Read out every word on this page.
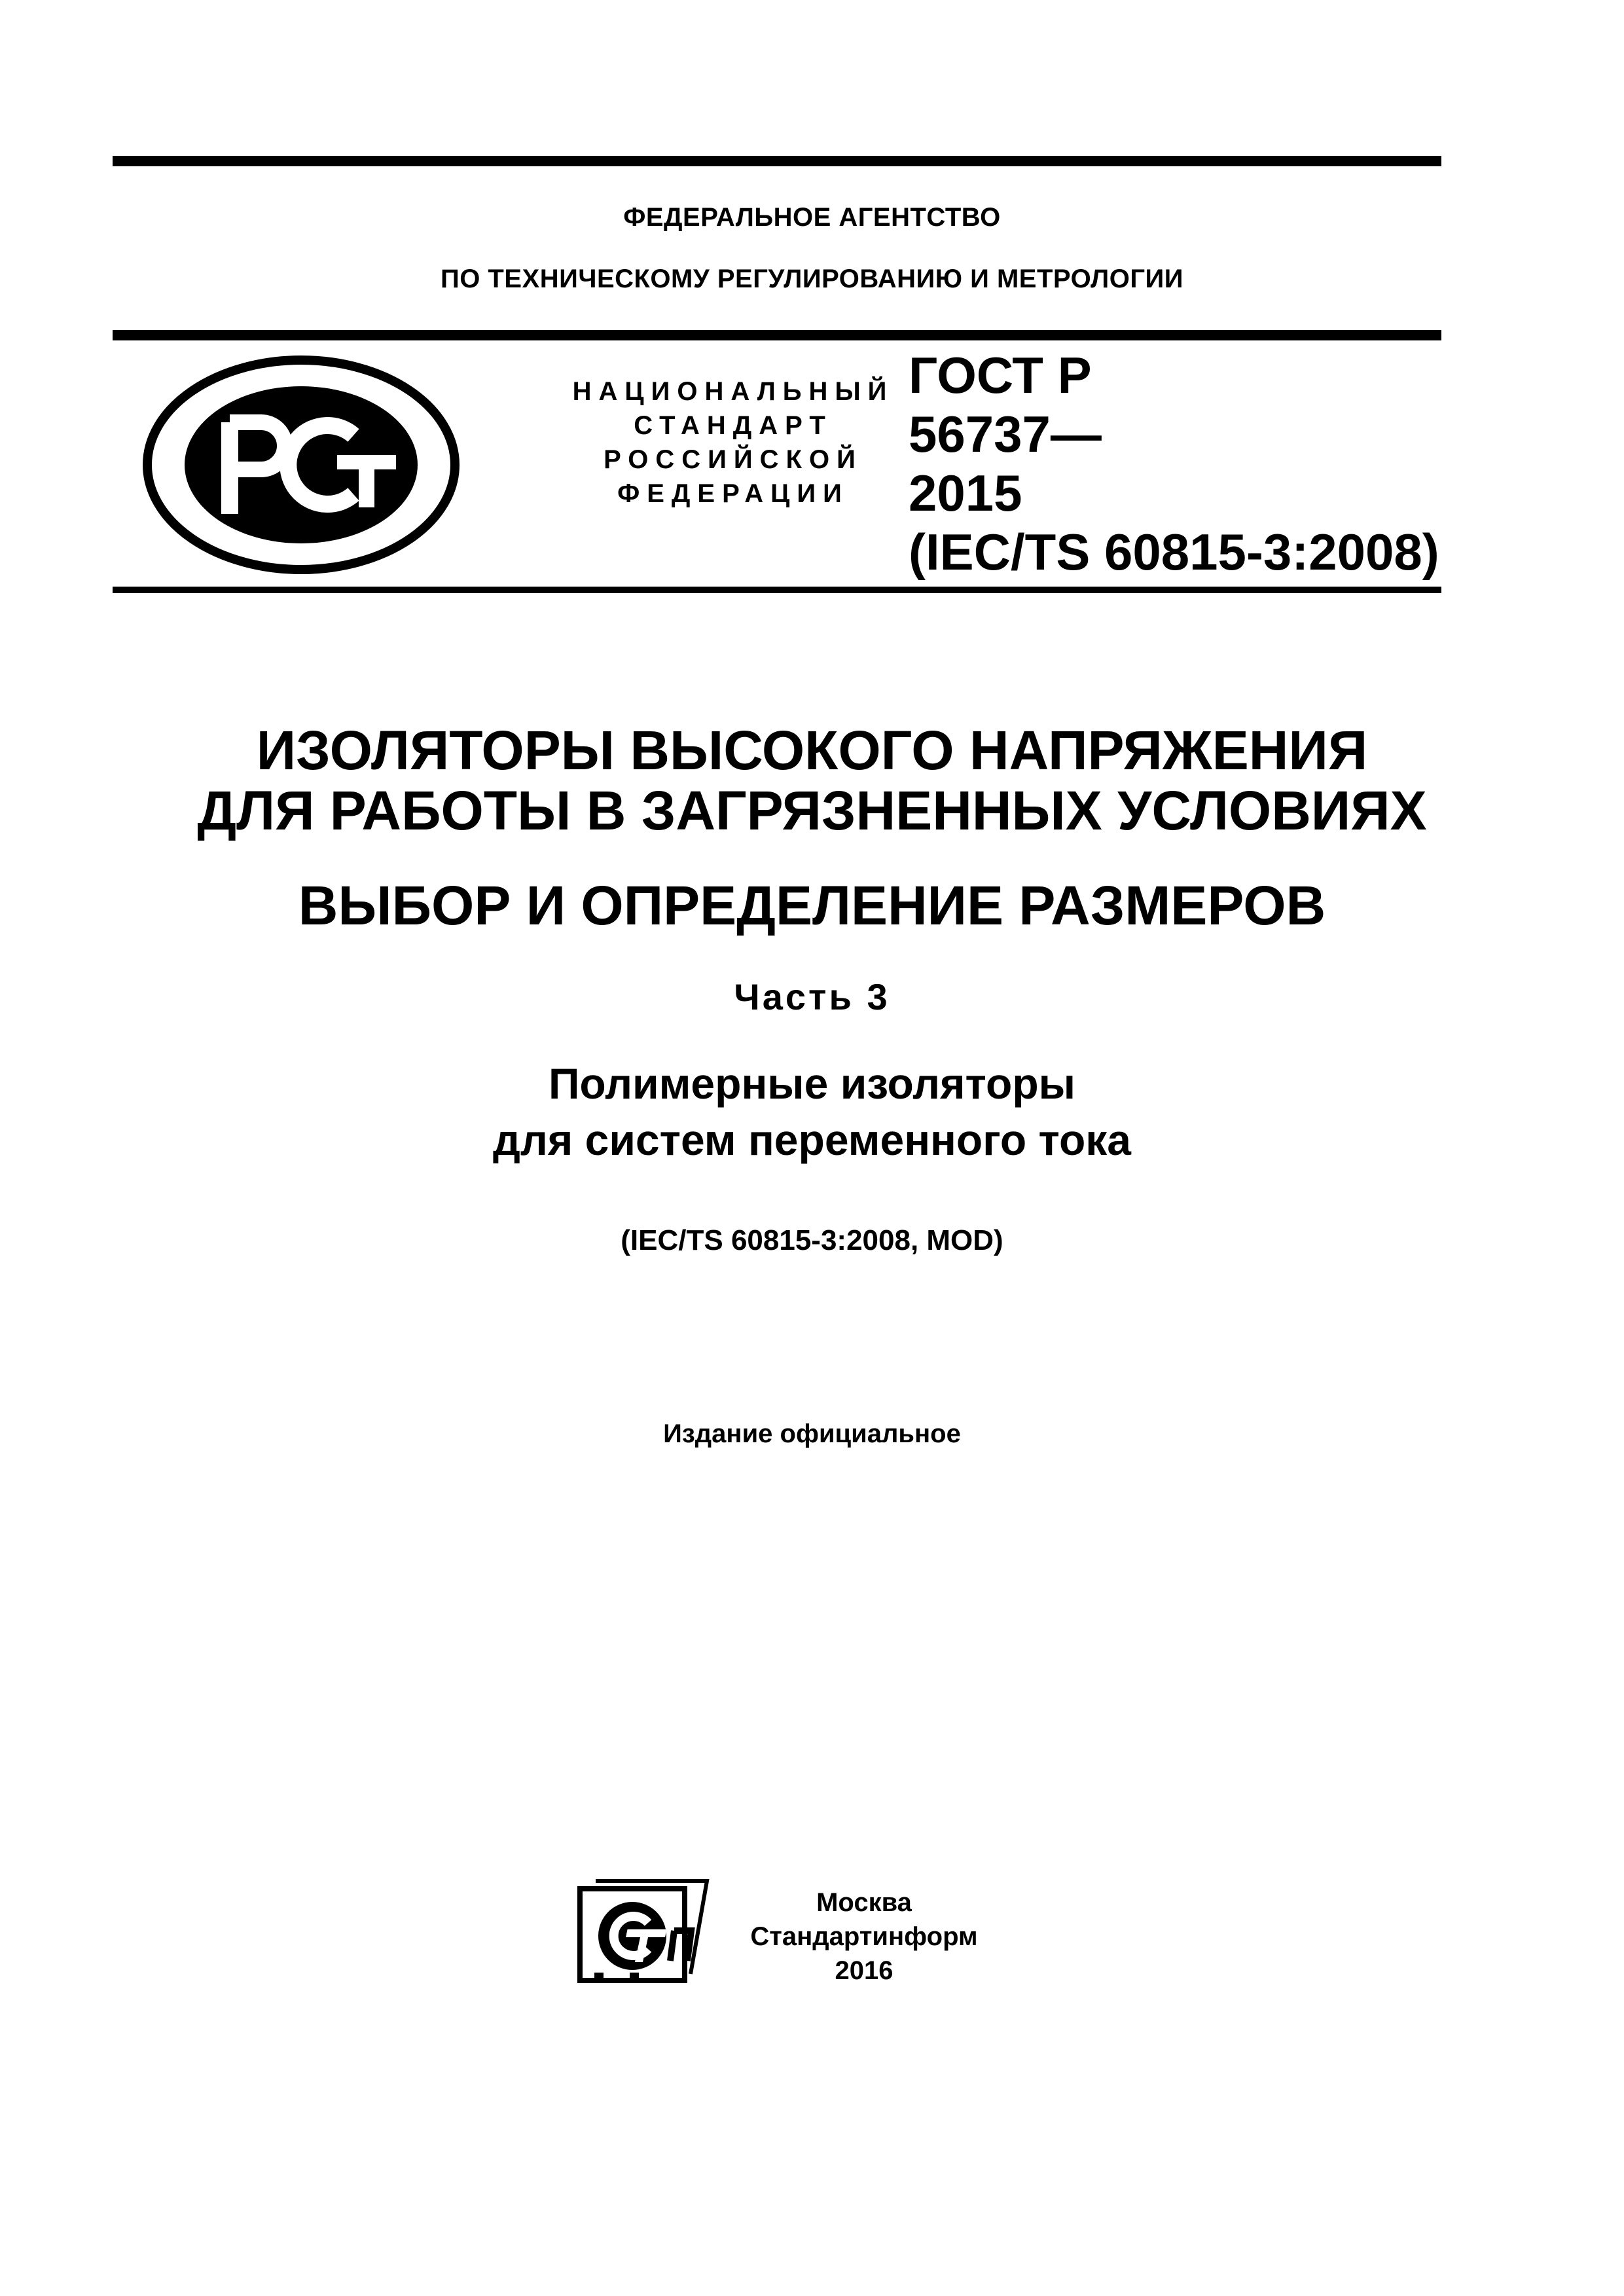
ФЕДЕРАЛЬНОЕ АГЕНТСТВО
ПО ТЕХНИЧЕСКОМУ РЕГУЛИРОВАНИЮ И МЕТРОЛОГИИ
НАЦИОНАЛЬНЫЙ
СТАНДАРТ
РОССИЙСКОЙ
ФЕДЕРАЦИИ
ГОСТ Р
56737—
2015
(IEC/TS 60815-3:2008)
ИЗОЛЯТОРЫ ВЫСОКОГО НАПРЯЖЕНИЯ
ДЛЯ РАБОТЫ В ЗАГРЯЗНЕННЫХ УСЛОВИЯХ
ВЫБОР И ОПРЕДЕЛЕНИЕ РАЗМЕРОВ
Часть 3
Полимерные изоляторы
для систем переменного тока
(IEC/TS 60815-3:2008, MOD)
Издание официальное
Москва
Стандартинформ
2016
